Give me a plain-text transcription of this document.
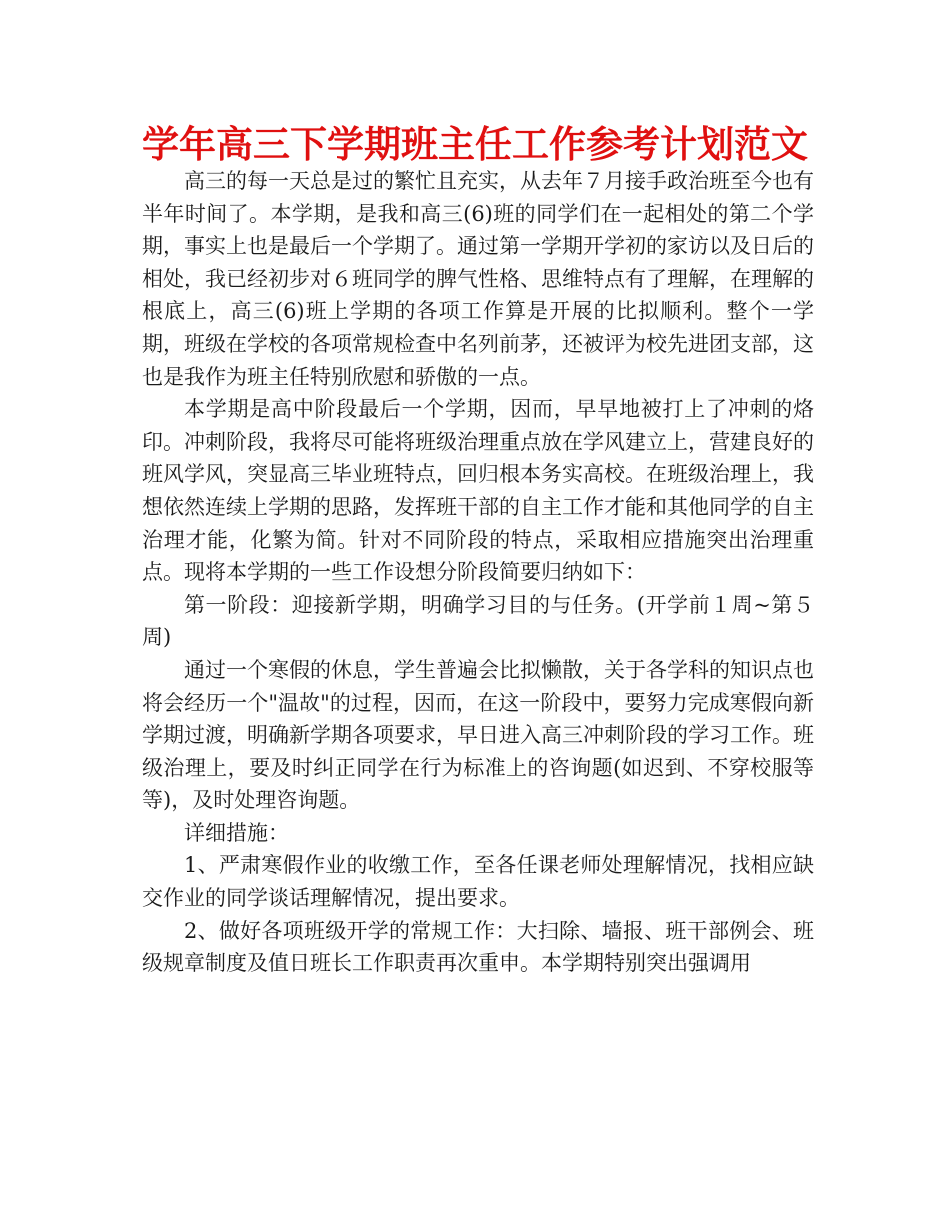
学年高三下学期班主任工作参考计划范文

高三的每一天总是过的繁忙且充实，从去年７月接手政治班至今也有半年时间了。本学期，是我和高三(6)班的同学们在一起相处的第二个学期，事实上也是最后一个学期了。通过第一学期开学初的家访以及日后的相处，我已经初步对６班同学的脾气性格、思维特点有了理解，在理解的根底上，高三(6)班上学期的各项工作算是开展的比拟顺利。整个一学期，班级在学校的各项常规检查中名列前茅，还被评为校先进团支部，这也是我作为班主任特别欣慰和骄傲的一点。

本学期是高中阶段最后一个学期，因而，早早地被打上了冲刺的烙印。冲刺阶段，我将尽可能将班级治理重点放在学风建立上，营建良好的班风学风，突显高三毕业班特点，回归根本务实高校。在班级治理上，我想依然连续上学期的思路，发挥班干部的自主工作才能和其他同学的自主治理才能，化繁为简。针对不同阶段的特点，采取相应措施突出治理重点。现将本学期的一些工作设想分阶段简要归纳如下：

第一阶段：迎接新学期，明确学习目的与任务。(开学前１周~第５周)

通过一个寒假的休息，学生普遍会比拟懒散，关于各学科的知识点也将会经历一个"温故"的过程，因而，在这一阶段中，要努力完成寒假向新学期过渡，明确新学期各项要求，早日进入高三冲刺阶段的学习工作。班级治理上，要及时纠正同学在行为标准上的咨询题(如迟到、不穿校服等等)，及时处理咨询题。

详细措施：

1、严肃寒假作业的收缴工作，至各任课老师处理解情况，找相应缺交作业的同学谈话理解情况，提出要求。

2、做好各项班级开学的常规工作：大扫除、墙报、班干部例会、班级规章制度及值日班长工作职责再次重申。本学期特别突出强调用
